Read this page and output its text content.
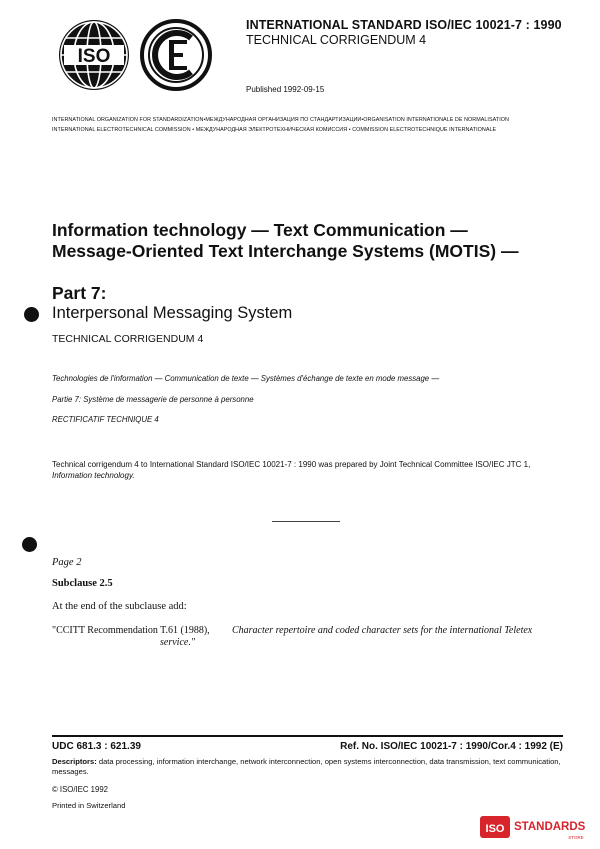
ISO
INTERNATIONAL STANDARD ISO/IEC 10021-7 : 1990
TECHNICAL CORRIGENDUM 4
Published 1992-09-15
INTERNATIONAL ORGANIZATION FOR STANDARDIZATION•МЕЖДУНАРОДНАЯ ОРГАНИЗАЦИЯ ПО СТАНДАРТИЗАЦИИ•ORGANISATION INTERNATIONALE DE NORMALISATION
INTERNATIONAL ELECTROTECHNICAL COMMISSION • МЕЖДУНАРОДНАЯ ЭЛЕКТРОТЕХНИЧЕСКАЯ КОМИССИЯ • COMMISSION ELECTROTECHNIQUE INTERNATIONALE
Information technology — Text Communication —
Message-Oriented Text Interchange Systems (MOTIS) —
Part 7:
Interpersonal Messaging System
TECHNICAL CORRIGENDUM 4
Technologies de l'information — Communication de texte — Systèmes d'échange de texte en mode message —
Partie 7: Système de messagerie de personne à personne
RECTIFICATIF TECHNIQUE 4
Technical corrigendum 4 to International Standard ISO/IEC 10021-7 : 1990 was prepared by Joint Technical Committee ISO/IEC JTC 1, Information technology.
Page 2
Subclause 2.5
At the end of the subclause add:
"CCITT Recommendation T.61 (1988), Character repertoire and coded character sets for the international Teletex
service."
UDC 681.3 : 621.39	Ref. No. ISO/IEC 10021-7 : 1990/Cor.4 : 1992 (E)
Descriptors: data processing, information interchange, network interconnection, open systems interconnection, data transmission, text communication, messages.
© ISO/IEC 1992
Printed in Switzerland
ISO STANDARDS
STORE
